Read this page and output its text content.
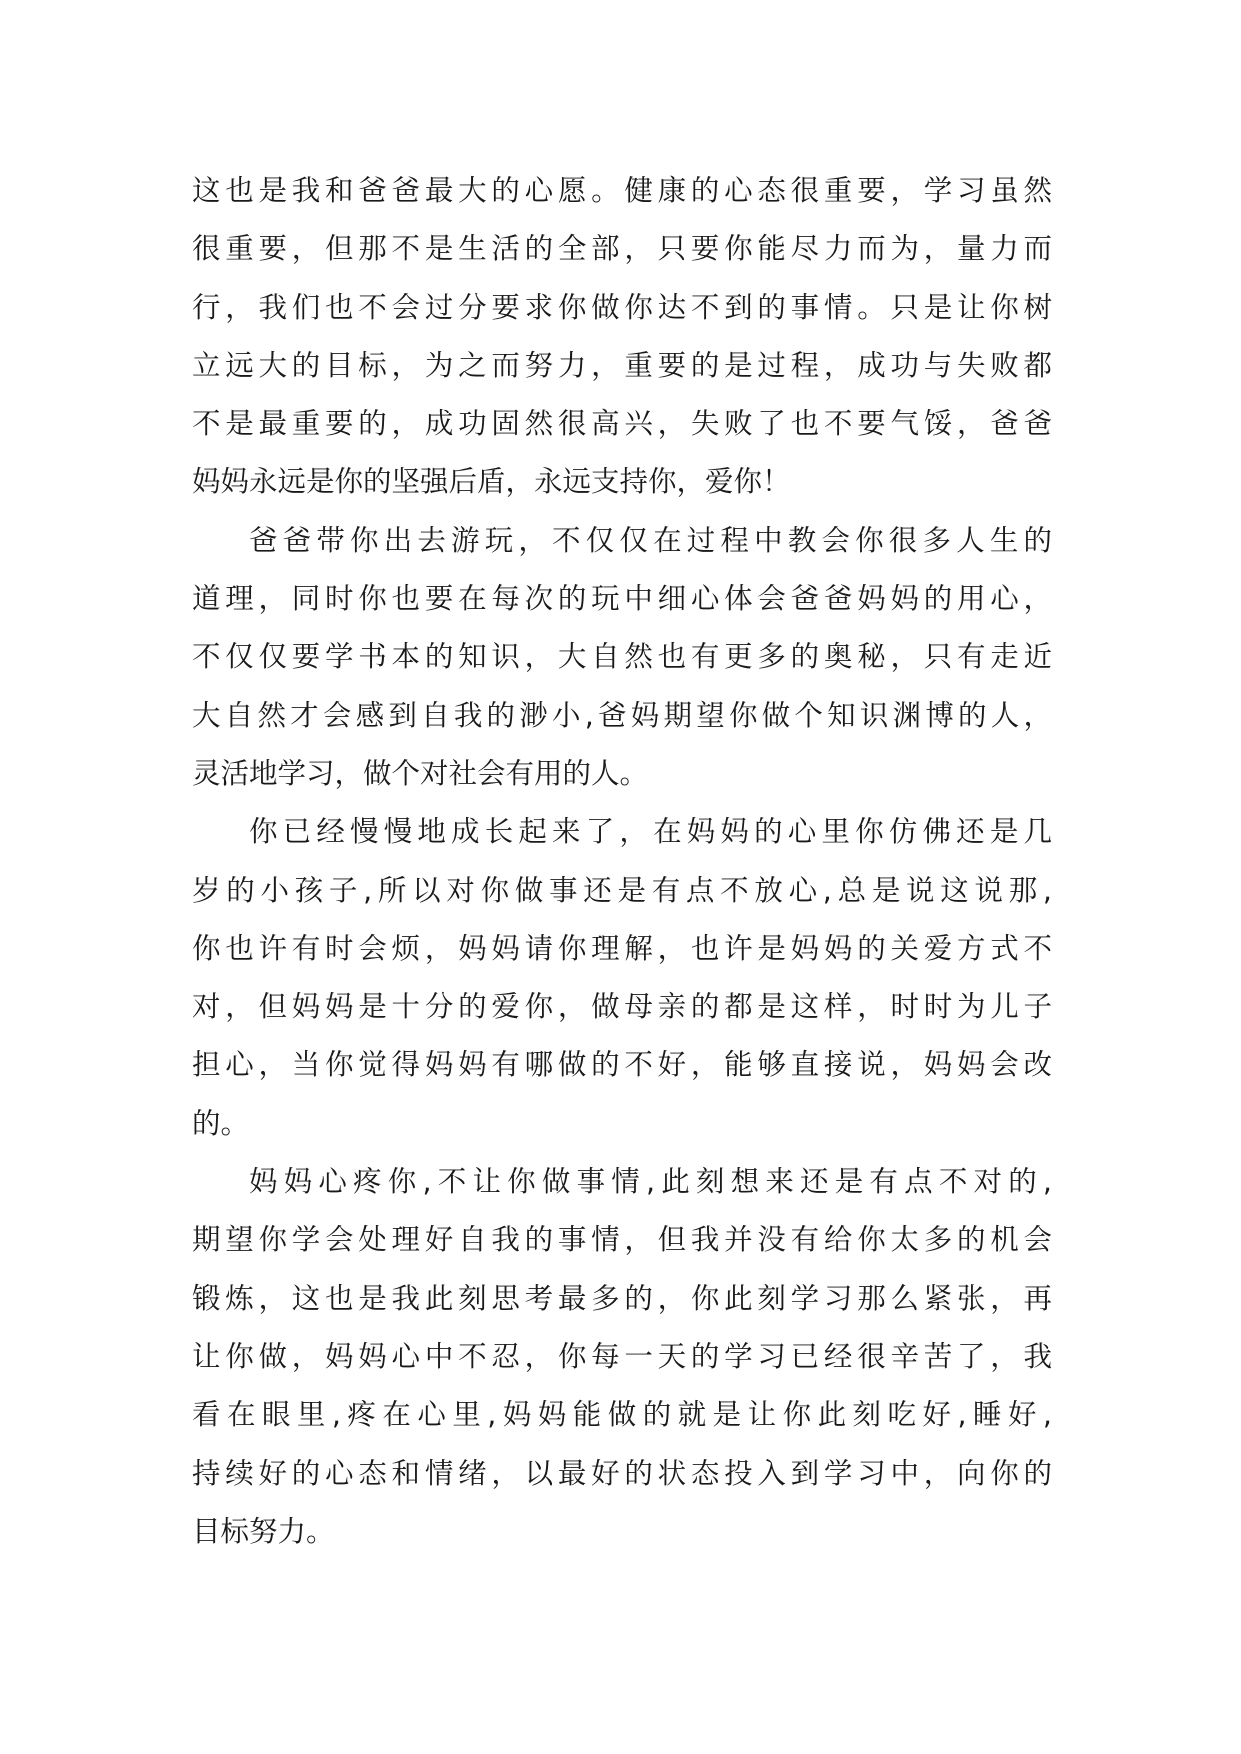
这也是我和爸爸最大的心愿。健康的心态很重要，学习虽然
很重要，但那不是生活的全部，只要你能尽力而为，量力而
行，我们也不会过分要求你做你达不到的事情。只是让你树
立远大的目标，为之而努力，重要的是过程，成功与失败都
不是最重要的，成功固然很高兴，失败了也不要气馁，爸爸
妈妈永远是你的坚强后盾，永远支持你，爱你！
爸爸带你出去游玩，不仅仅在过程中教会你很多人生的
道理，同时你也要在每次的玩中细心体会爸爸妈妈的用心，
不仅仅要学书本的知识，大自然也有更多的奥秘，只有走近
大自然才会感到自我的渺小,爸妈期望你做个知识渊博的人，
灵活地学习，做个对社会有用的人。
你已经慢慢地成长起来了，在妈妈的心里你仿佛还是几
岁的小孩子,所以对你做事还是有点不放心,总是说这说那,
你也许有时会烦，妈妈请你理解，也许是妈妈的关爱方式不
对，但妈妈是十分的爱你，做母亲的都是这样，时时为儿子
担心，当你觉得妈妈有哪做的不好，能够直接说，妈妈会改
的。
妈妈心疼你,不让你做事情,此刻想来还是有点不对的,
期望你学会处理好自我的事情，但我并没有给你太多的机会
锻炼，这也是我此刻思考最多的，你此刻学习那么紧张，再
让你做，妈妈心中不忍，你每一天的学习已经很辛苦了，我
看在眼里,疼在心里,妈妈能做的就是让你此刻吃好,睡好,
持续好的心态和情绪，以最好的状态投入到学习中，向你的
目标努力。
